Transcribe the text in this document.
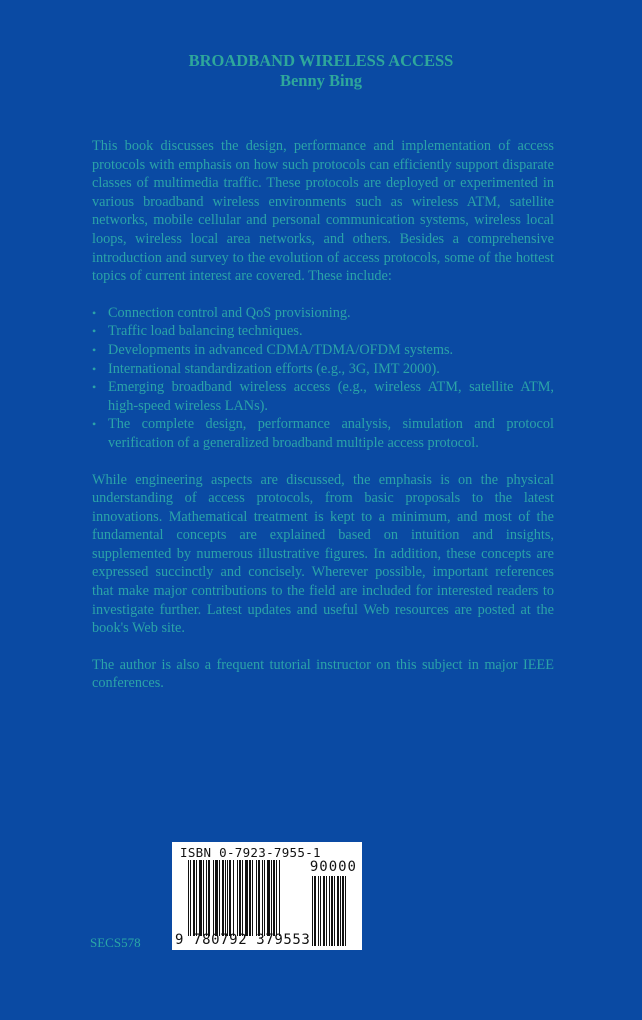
BROADBAND WIRELESS ACCESS
Benny Bing

This book discusses the design, performance and implementation of access protocols with emphasis on how such protocols can efficiently support disparate classes of multimedia traffic. These protocols are deployed or experimented in various broadband wireless environments such as wireless ATM, satellite networks, mobile cellular and personal communication systems, wireless local loops, wireless local area networks, and others. Besides a comprehensive introduction and survey to the evolution of access protocols, some of the hottest topics of current interest are covered. These include:

• Connection control and QoS provisioning.
• Traffic load balancing techniques.
• Developments in advanced CDMA/TDMA/OFDM systems.
• International standardization efforts (e.g., 3G, IMT 2000).
• Emerging broadband wireless access (e.g., wireless ATM, satellite ATM, high-speed wireless LANs).
• The complete design, performance analysis, simulation and protocol verification of a generalized broadband multiple access protocol.

While engineering aspects are discussed, the emphasis is on the physical understanding of access protocols, from basic proposals to the latest innovations. Mathematical treatment is kept to a minimum, and most of the fundamental concepts are explained based on intuition and insights, supplemented by numerous illustrative figures. In addition, these concepts are expressed succinctly and concisely. Wherever possible, important references that make major contributions to the field are included for interested readers to investigate further. Latest updates and useful Web resources are posted at the book's Web site.

The author is also a frequent tutorial instructor on this subject in major IEEE conferences.

ISBN 0-7923-7955-1
90000
9 780792 379553
SECS578
